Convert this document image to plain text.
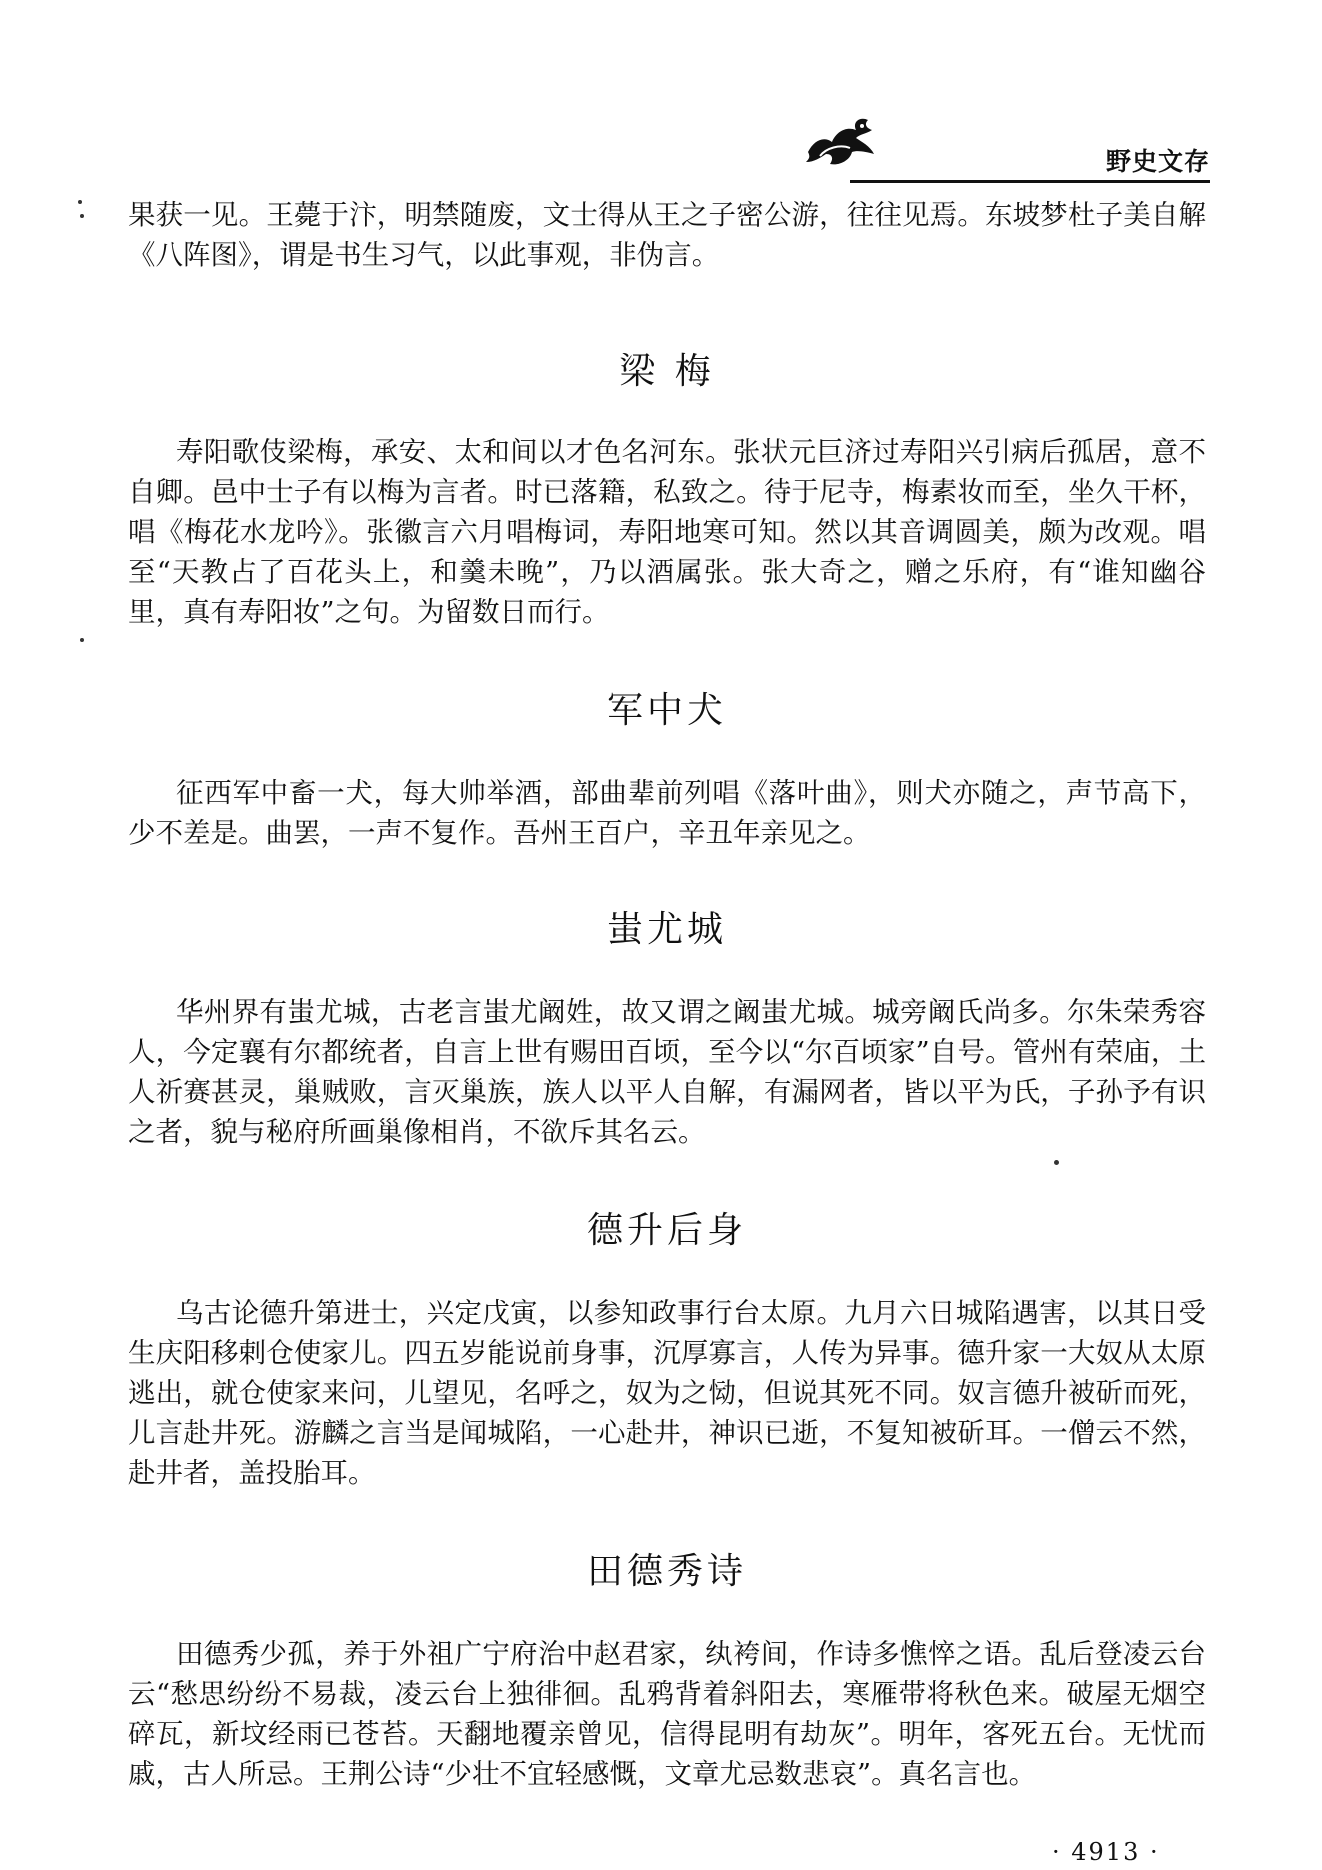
野史文存

果获一见。王薨于汴，明禁随废，文士得从王之子密公游，往往见焉。东坡梦杜子美自解《八阵图》，谓是书生习气，以此事观，非伪言。

梁 梅

寿阳歌伎梁梅，承安、太和间以才色名河东。张状元巨济过寿阳兴引病后孤居，意不自卿。邑中士子有以梅为言者。时已落籍，私致之。待于尼寺，梅素妆而至，坐久干杯，唱《梅花水龙吟》。张徽言六月唱梅词，寿阳地寒可知。然以其音调圆美，颇为改观。唱至“天教占了百花头上，和羹未晚”，乃以酒属张。张大奇之，赠之乐府，有“谁知幽谷里，真有寿阳妆”之句。为留数日而行。

军中犬

征西军中畜一犬，每大帅举酒，部曲辈前列唱《落叶曲》，则犬亦随之，声节高下，少不差是。曲罢，一声不复作。吾州王百户，辛丑年亲见之。

蚩尤城

华州界有蚩尤城，古老言蚩尤阚姓，故又谓之阚蚩尤城。城旁阚氏尚多。尔朱荣秀容人，今定襄有尔都统者，自言上世有赐田百顷，至今以“尔百顷家”自号。管州有荣庙，土人祈赛甚灵，巢贼败，言灭巢族，族人以平人自解，有漏网者，皆以平为氏，子孙予有识之者，貌与秘府所画巢像相肖，不欲斥其名云。

德升后身

乌古论德升第进士，兴定戊寅，以参知政事行台太原。九月六日城陷遇害，以其日受生庆阳移剌仓使家儿。四五岁能说前身事，沉厚寡言，人传为异事。德升家一大奴从太原逃出，就仓使家来问，儿望见，名呼之，奴为之恸，但说其死不同。奴言德升被斫而死，儿言赴井死。游麟之言当是闻城陷，一心赴井，神识已逝，不复知被斫耳。一僧云不然，赴井者，盖投胎耳。

田德秀诗

田德秀少孤，养于外祖广宁府治中赵君家，纨袴间，作诗多憔悴之语。乱后登凌云台云“愁思纷纷不易裁，凌云台上独徘徊。乱鸦背着斜阳去，寒雁带将秋色来。破屋无烟空碎瓦，新坟经雨已苍苔。天翻地覆亲曾见，信得昆明有劫灰”。明年，客死五台。无忧而戚，古人所忌。王荆公诗“少壮不宜轻感慨，文章尤忌数悲哀”。真名言也。

· 4913 ·
